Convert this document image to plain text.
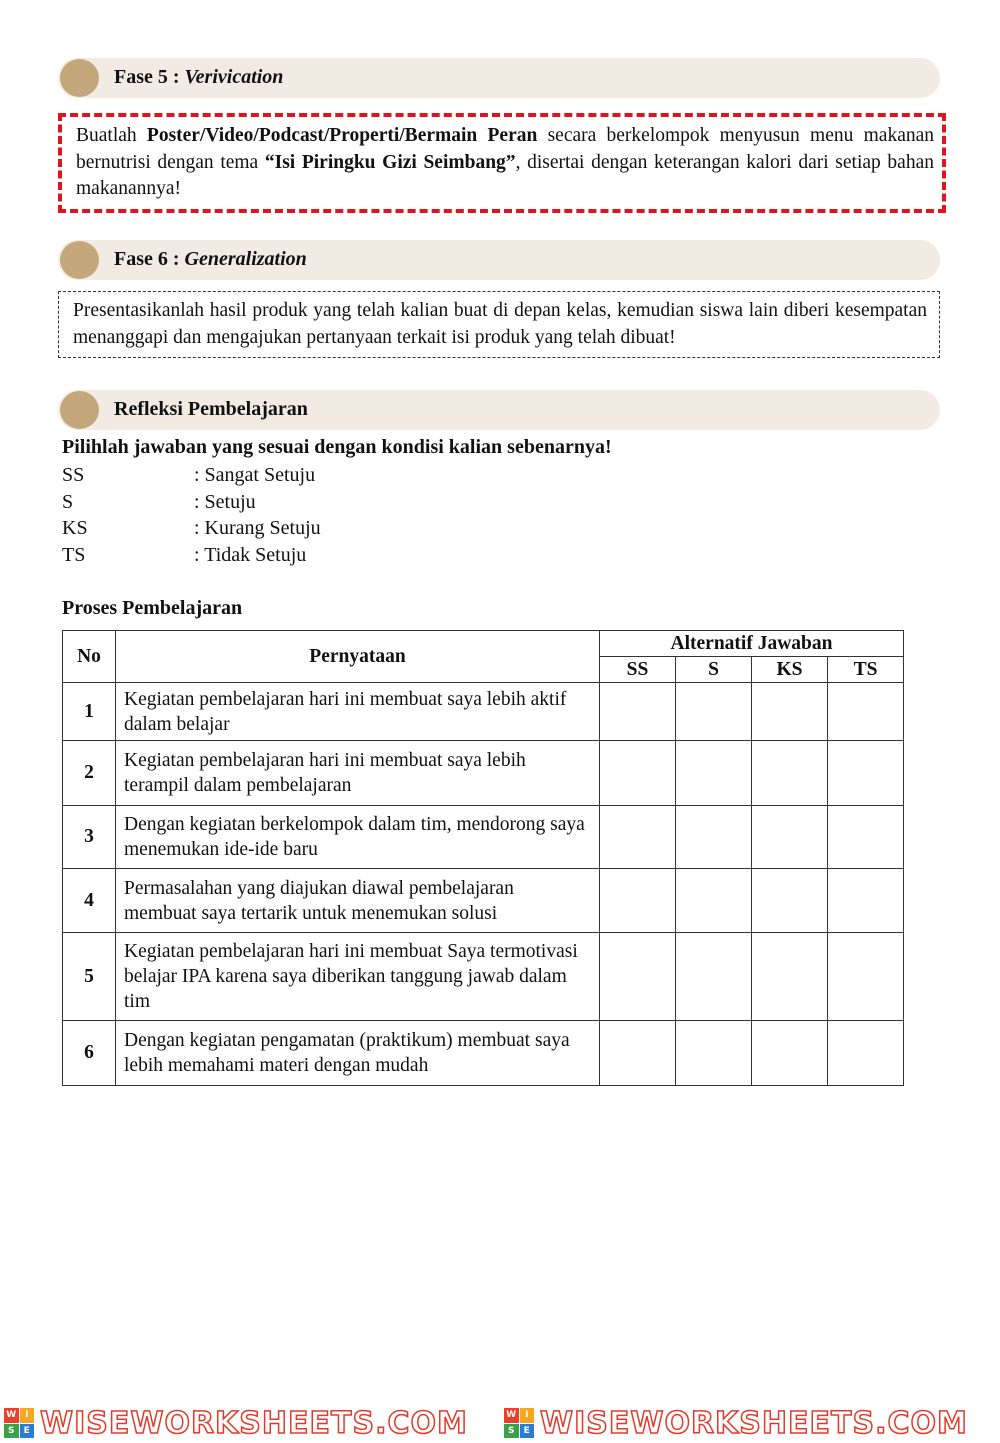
Fase 5 : Verivication
Buatlah Poster/Video/Podcast/Properti/Bermain Peran secara berkelompok menyusun menu makanan bernutrisi dengan tema “Isi Piringku Gizi Seimbang”, disertai dengan keterangan kalori dari setiap bahan makanannya!
Fase 6 : Generalization
Presentasikanlah hasil produk yang telah kalian buat di depan kelas, kemudian siswa lain diberi kesempatan menanggapi dan mengajukan pertanyaan terkait isi produk yang telah dibuat!
Refleksi Pembelajaran
Pilihlah jawaban yang sesuai dengan kondisi kalian sebenarnya!
SS	: Sangat Setuju
S	: Setuju
KS	: Kurang Setuju
TS	: Tidak Setuju
Proses Pembelajaran
No	Pernyataan	Alternatif Jawaban			
		SS	S	KS	TS
1	Kegiatan pembelajaran hari ini membuat saya lebih aktif dalam belajar				
2	Kegiatan pembelajaran hari ini membuat saya lebih terampil dalam pembelajaran				
3	Dengan kegiatan berkelompok dalam tim, mendorong saya menemukan ide-ide baru				
4	Permasalahan yang diajukan diawal pembelajaran membuat saya tertarik untuk menemukan solusi				
5	Kegiatan pembelajaran hari ini membuat Saya termotivasi belajar IPA karena saya diberikan tanggung jawab dalam tim				
6	Dengan kegiatan pengamatan (praktikum) membuat saya lebih memahami materi dengan mudah				
W I
S	E WISEWORKSHEETS.COM	W I
S	E WISEWORKSHEETS.COM
